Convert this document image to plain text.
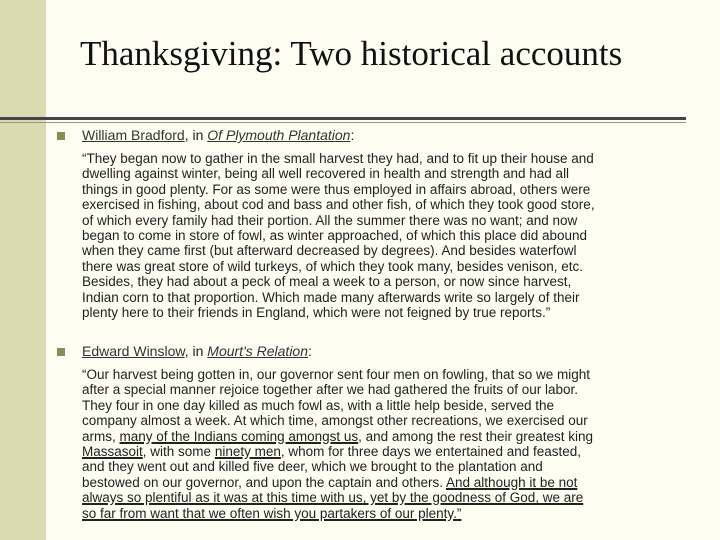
Thanksgiving: Two historical accounts
William Bradford, in Of Plymouth Plantation:
“They began now to gather in the small harvest they had, and to fit up their house and
dwelling against winter, being all well recovered in health and strength and had all
things in good plenty. For as some were thus employed in affairs abroad, others were
exercised in fishing, about cod and bass and other fish, of which they took good store,
of which every family had their portion. All the summer there was no want; and now
began to come in store of fowl, as winter approached, of which this place did abound
when they came first (but afterward decreased by degrees). And besides waterfowl
there was great store of wild turkeys, of which they took many, besides venison, etc.
Besides, they had about a peck of meal a week to a person, or now since harvest,
Indian corn to that proportion. Which made many afterwards write so largely of their
plenty here to their friends in England, which were not feigned by true reports.”
Edward Winslow, in Mourt's Relation:
“Our harvest being gotten in, our governor sent four men on fowling, that so we might
after a special manner rejoice together after we had gathered the fruits of our labor.
They four in one day killed as much fowl as, with a little help beside, served the
company almost a week. At which time, amongst other recreations, we exercised our
arms, many of the Indians coming amongst us, and among the rest their greatest king
Massasoit, with some ninety men, whom for three days we entertained and feasted,
and they went out and killed five deer, which we brought to the plantation and
bestowed on our governor, and upon the captain and others. And although it be not
always so plentiful as it was at this time with us, yet by the goodness of God, we are
so far from want that we often wish you partakers of our plenty.”
